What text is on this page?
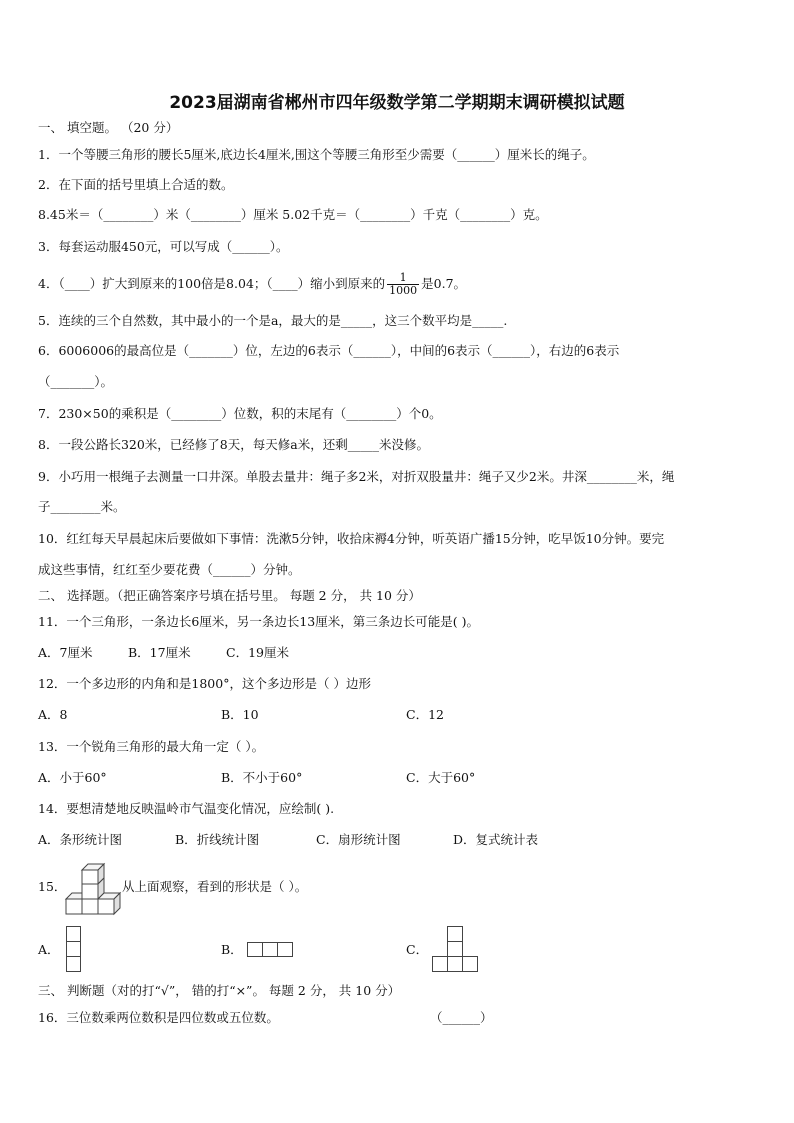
2023届湖南省郴州市四年级数学第二学期期末调研模拟试题
一、 填空题。 （20 分）
1．一个等腰三角形的腰长5厘米,底边长4厘米,围这个等腰三角形至少需要（______）厘米长的绳子。
2．在下面的括号里填上合适的数。
8.45米＝（________）米（________）厘米 5.02千克＝（________）千克（________）克。
3．每套运动服450元，可以写成（______）。
4．（____）扩大到原来的100倍是8.04；（____）缩小到原来的 $\frac{1}{1000}$ 是0.7。
5．连续的三个自然数，其中最小的一个是a，最大的是_____，这三个数平均是_____.
6．6006006的最高位是（_______）位，左边的6表示（______），中间的6表示（______），右边的6表示
（_______）。
7．230×50的乘积是（________）位数，积的末尾有（________）个0。
8．一段公路长320米，已经修了8天，每天修a米，还剩_____米没修。
9．小巧用一根绳子去测量一口井深。单股去量井：绳子多2米，对折双股量井：绳子又少2米。井深________米，绳
子________米。
10．红红每天早晨起床后要做如下事情：洗漱5分钟，收拾床褥4分钟，听英语广播15分钟，吃早饭10分钟。要完
成这些事情，红红至少要花费（______）分钟。
二、 选择题。（把正确答案序号填在括号里。 每题 2 分， 共 10 分）
11．一个三角形，一条边长6厘米，另一条边长13厘米，第三条边长可能是( )。
A．7厘米	B．17厘米	C．19厘米
12．一个多边形的内角和是1800°，这个多边形是（ ）边形
A．8	B．10	C．12
13．一个锐角三角形的最大角一定（ ）。
A．小于60°	B．不小于60°	C．大于60°
14．要想清楚地反映温岭市气温变化情况，应绘制( ).
A．条形统计图	B．折线统计图	C．扇形统计图	D．复式统计表
15．	从上面观察，看到的形状是（ ）。
A．	B．	C．
三、 判断题（对的打“√”， 错的打“×”。 每题 2 分， 共 10 分）
16．三位数乘两位数积是四位数或五位数。	（______）
